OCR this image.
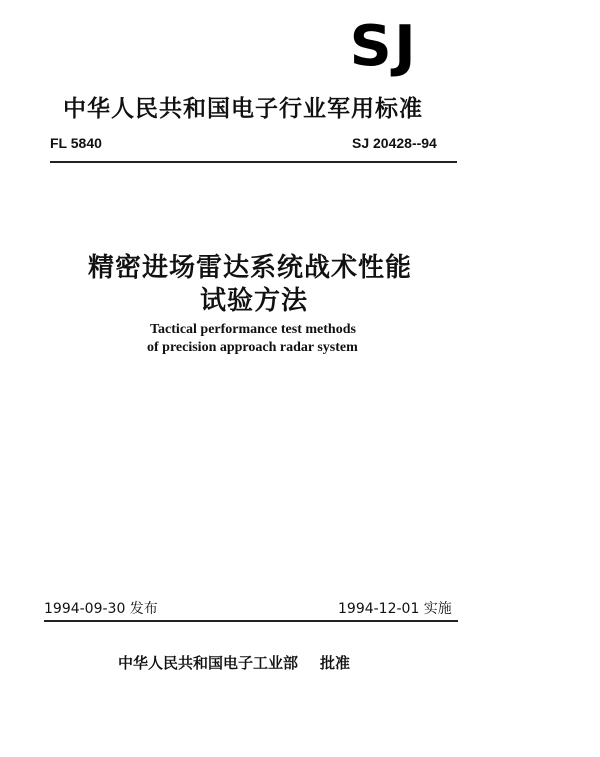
SJ
中华人民共和国电子行业军用标准
FL 5840	SJ 20428--94
精密进场雷达系统战术性能
试验方法
Tactical performance test methods
of precision approach radar system
1994-09-30 发布	1994-12-01 实施
中华人民共和国电子工业部 批准
